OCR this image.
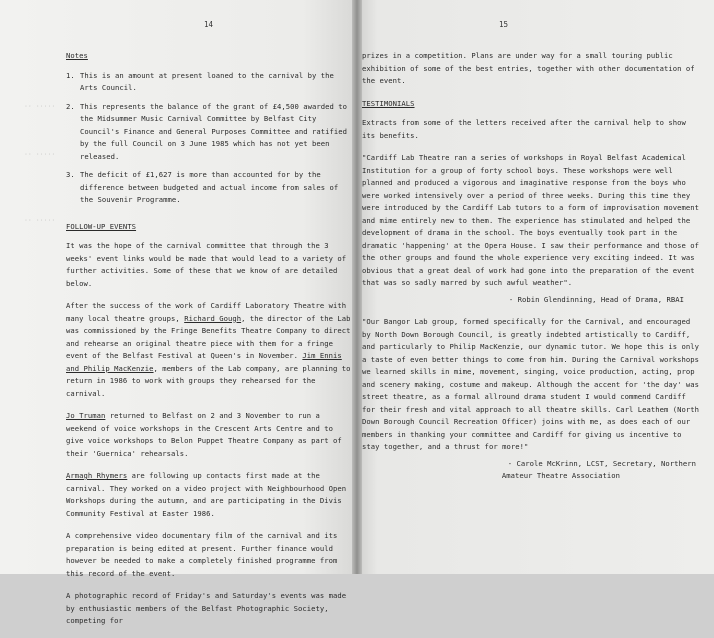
14
·· ·····
·· ·····
·· ·····

Notes

1. This is an amount at present loaned to the carnival by the Arts Council.
2. This represents the balance of the grant of £4,500 awarded to the Midsummer Music Carnival Committee by Belfast City Council's Finance and General Purposes Committee and ratified by the full Council on 3 June 1985 which has not yet been released.
3. The deficit of £1,627 is more than accounted for by the difference between budgeted and actual income from sales of the Souvenir Programme.

FOLLOW-UP EVENTS

It was the hope of the carnival committee that through the 3 weeks' event links would be made that would lead to a variety of further activities. Some of these that we know of are detailed below.

After the success of the work of Cardiff Laboratory Theatre with many local theatre groups, Richard Gough, the director of the Lab was commissioned by the Fringe Benefits Theatre Company to direct and rehearse an original theatre piece with them for a fringe event of the Belfast Festival at Queen's in November. Jim Ennis and Philip MacKenzie, members of the Lab company, are planning to return in 1986 to work with groups they rehearsed for the carnival.

Jo Truman returned to Belfast on 2 and 3 November to run a weekend of voice workshops in the Crescent Arts Centre and to give voice workshops to Belon Puppet Theatre Company as part of their 'Guernica' rehearsals.

Armagh Rhymers are following up contacts first made at the carnival. They worked on a video project with Neighbourhood Open Workshops during the autumn, and are participating in the Divis Community Festival at Easter 1986.

A comprehensive video documentary film of the carnival and its preparation is being edited at present. Further finance would however be needed to make a completely finished programme from this record of the event.

A photographic record of Friday's and Saturday's events was made by enthusiastic members of the Belfast Photographic Society, competing for

15

prizes in a competition. Plans are under way for a small touring public exhibition of some of the best entries, together with other documentation of the event.

TESTIMONIALS

Extracts from some of the letters received after the carnival help to show its benefits.

"Cardiff Lab Theatre ran a series of workshops in Royal Belfast Academical Institution for a group of forty school boys. These workshops were well planned and produced a vigorous and imaginative response from the boys who were worked intensively over a period of three weeks. During this time they were introduced by the Cardiff Lab tutors to a form of improvisation movement and mime entirely new to them. The experience has stimulated and helped the development of drama in the school. The boys eventually took part in the dramatic 'happening' at the Opera House. I saw their performance and those of the other groups and found the whole experience very exciting indeed. It was obvious that a great deal of work had gone into the preparation of the event that was so sadly marred by such awful weather".

- Robin Glendinning, Head of Drama, RBAI

"Our Bangor Lab group, formed specifically for the Carnival, and encouraged by North Down Borough Council, is greatly indebted artistically to Cardiff, and particularly to Philip MacKenzie, our dynamic tutor. We hope this is only a taste of even better things to come from him. During the Carnival workshops we learned skills in mime, movement, singing, voice production, acting, prop and scenery making, costume and makeup. Although the accent for 'the day' was street theatre, as a formal allround drama student I would commend Cardiff for their fresh and vital approach to all theatre skills. Carl Leathem (North Down Borough Council Recreation Officer) joins with me, as does each of our members in thanking your committee and Cardiff for giving us incentive to stay together, and a thrust for more!"

- Carole McKrinn, LCST, Secretary, Northern

Amateur Theatre Association
